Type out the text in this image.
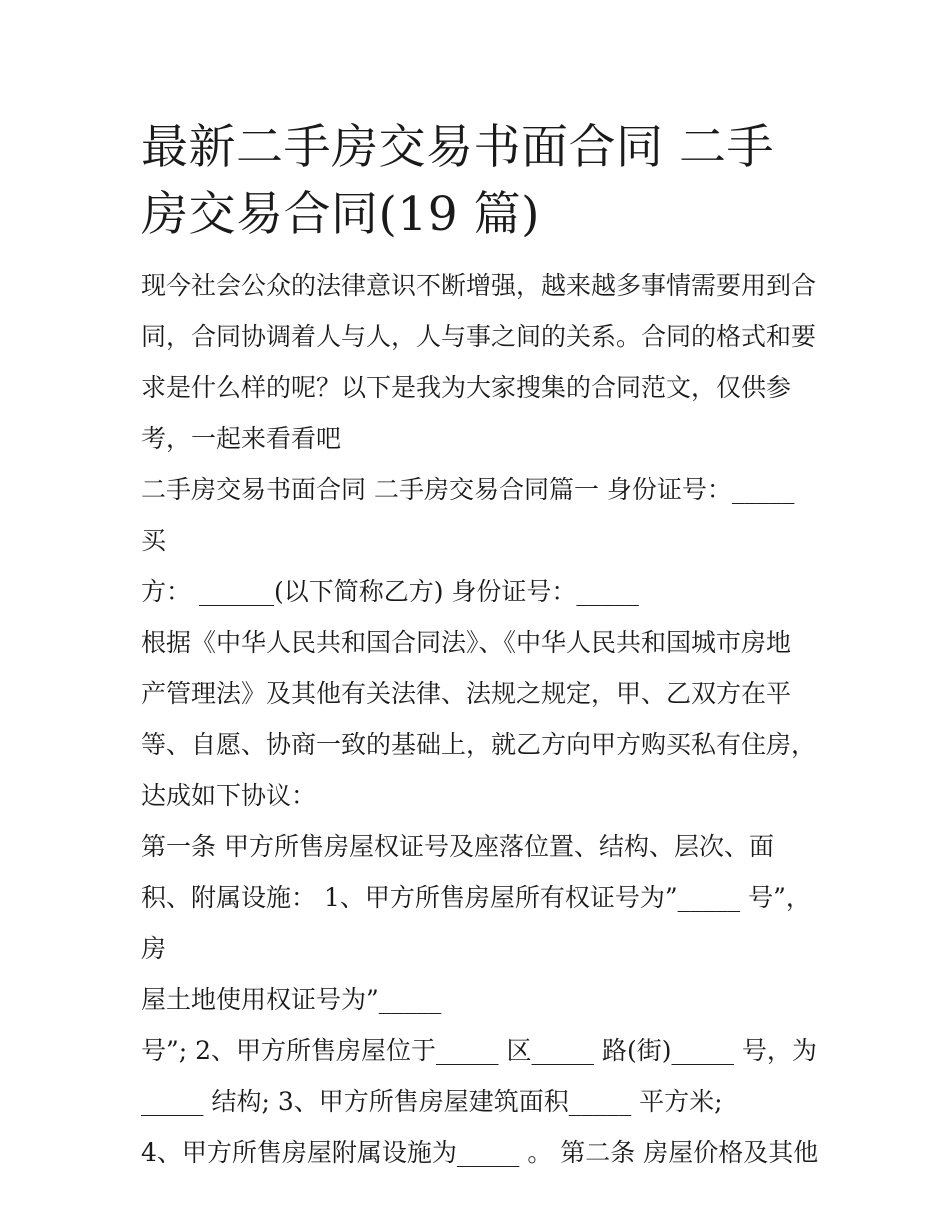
最新二手房交易书面合同 二手
房交易合同(19 篇)

现今社会公众的法律意识不断增强，越来越多事情需要用到合
同，合同协调着人与人，人与事之间的关系。合同的格式和要
求是什么样的呢？以下是我为大家搜集的合同范文，仅供参
考，一起来看看吧

二手房交易书面合同 二手房交易合同篇一 身份证号：_____ 买
方： ______(以下简称乙方) 身份证号：_____

根据《中华人民共和国合同法》、《中华人民共和国城市房地
产管理法》及其他有关法律、法规之规定，甲、乙双方在平
等、自愿、协商一致的基础上，就乙方向甲方购买私有住房，
达成如下协议：

第一条 甲方所售房屋权证号及座落位置、结构、层次、面
积、附属设施： 1、甲方所售房屋所有权证号为”_____ 号”，房
屋土地使用权证号为”_____

号”; 2、甲方所售房屋位于_____ 区_____ 路(街)_____ 号，为
_____ 结构; 3、甲方所售房屋建筑面积_____ 平方米;

4、甲方所售房屋附属设施为_____ 。 第二条 房屋价格及其他
